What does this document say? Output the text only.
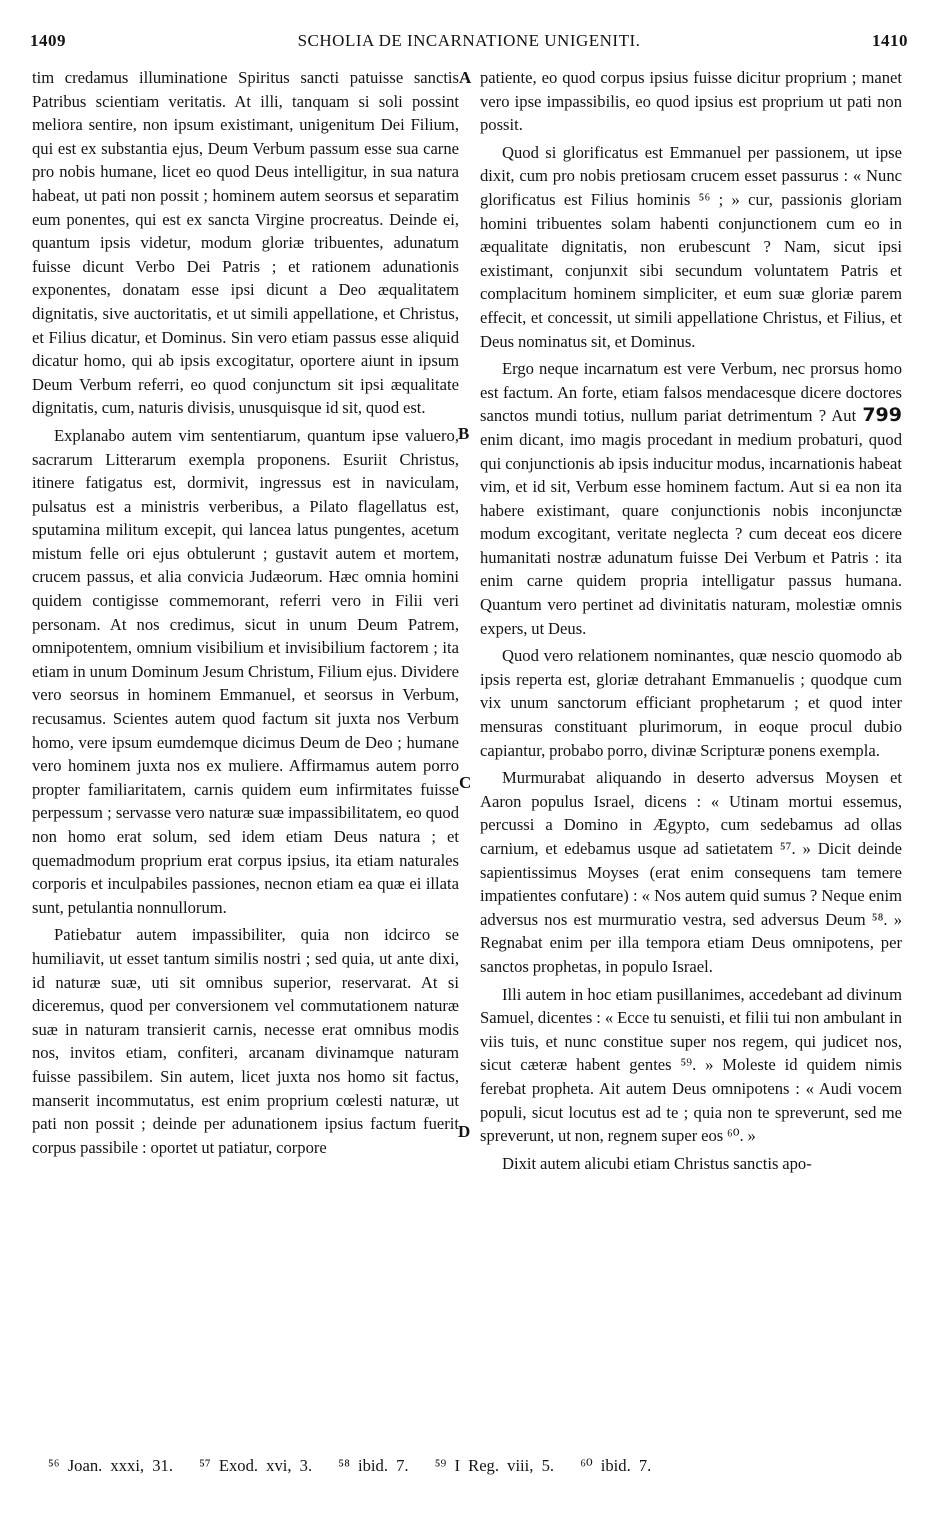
1409	SCHOLIA DE INCARNATIONE UNIGENITI.	1410

tim credamus illuminatione Spiritus sancti patuisse sanctis Patribus scientiam veritatis. At illi, tanquam si soli possint meliora sentire, non ipsum existimant, unigenitum Dei Filium, qui est ex substantia ejus, Deum Verbum passum esse sua carne pro nobis humane, licet eo quod Deus intelligitur, in sua natura habeat, ut pati non possit ; hominem autem seorsus et separatim eum ponentes, qui est ex sancta Virgine procreatus. Deinde ei, quantum ipsis videtur, modum gloriæ tribuentes, adunatum fuisse dicunt Verbo Dei Patris ; et rationem adunationis exponentes, donatam esse ipsi dicunt a Deo æqualitatem dignitatis, sive auctoritatis, et ut simili appellatione, et Christus, et Filius dicatur, et Dominus. Sin vero etiam passus esse aliquid dicatur homo, qui ab ipsis excogitatur, oportere aiunt in ipsum Deum Verbum referri, eo quod conjunctum sit ipsi æqualitate dignitatis, cum, naturis divisis, unusquisque id sit, quod est.

Explanabo autem vim sententiarum, quantum ipse valuero, sacrarum Litterarum exempla proponens. Esuriit Christus, itinere fatigatus est, dormivit, ingressus est in naviculam, pulsatus est a ministris verberibus, a Pilato flagellatus est, sputamina militum excepit, qui lancea latus pungentes, acetum mistum felle ori ejus obtulerunt ; gustavit autem et mortem, crucem passus, et alia convicia Judæorum. Hæc omnia homini quidem contigisse commemorant, referri vero in Filii veri personam. At nos credimus, sicut in unum Deum Patrem, omnipotentem, omnium visibilium et invisibilium factorem ; ita etiam in unum Dominum Jesum Christum, Filium ejus. Dividere vero seorsus in hominem Emmanuel, et seorsus in Verbum, recusamus. Scientes autem quod factum sit juxta nos Verbum homo, vere ipsum eumdemque dicimus Deum de Deo ; humane vero hominem juxta nos ex muliere. Affirmamus autem porro propter familiaritatem, carnis quidem eum infirmitates fuisse perpessum ; servasse vero naturæ suæ impassibilitatem, eo quod non homo erat solum, sed idem etiam Deus natura ; et quemadmodum proprium erat corpus ipsius, ita etiam naturales corporis et inculpabiles passiones, necnon etiam ea quæ ei illata sunt, petulantia nonnullorum.

Patiebatur autem impassibiliter, quia non idcirco se humiliavit, ut esset tantum similis nostri ; sed quia, ut ante dixi, id naturæ suæ, uti sit omnibus superior, reservarat. At si diceremus, quod per conversionem vel commutationem naturæ suæ in naturam transierit carnis, necesse erat omnibus modis nos, invitos etiam, confiteri, arcanam divinamque naturam fuisse passibilem. Sin autem, licet juxta nos homo sit factus, manserit incommutatus, est enim proprium cœlesti naturæ, ut pati non possit ; deinde per adunationem ipsius factum fuerit corpus passibile : oportet ut patiatur, corpore

A
B
C
D

patiente, eo quod corpus ipsius fuisse dicitur proprium ; manet vero ipse impassibilis, eo quod ipsius est proprium ut pati non possit.

Quod si glorificatus est Emmanuel per passionem, ut ipse dixit, cum pro nobis pretiosam crucem esset passurus : « Nunc glorificatus est Filius hominis ⁵⁶ ; » cur, passionis gloriam homini tribuentes solam habenti conjunctionem cum eo in æqualitate dignitatis, non erubescunt ? Nam, sicut ipsi existimant, conjunxit sibi secundum voluntatem Patris et complacitum hominem simpliciter, et eum suæ gloriæ parem effecit, et concessit, ut simili appellatione Christus, et Filius, et Deus nominatus sit, et Dominus.

Ergo neque incarnatum est vere Verbum, nec prorsus homo est factum. An forte, etiam falsos mendacesque dicere doctores sanctos mundi totius, nullum pariat detrimentum ? Aut 799 enim dicant, imo magis procedant in medium probaturi, quod qui conjunctionis ab ipsis inducitur modus, incarnationis habeat vim, et id sit, Verbum esse hominem factum. Aut si ea non ita habere existimant, quare conjunctionis nobis inconjunctæ modum excogitant, veritate neglecta ? cum deceat eos dicere humanitati nostræ adunatum fuisse Dei Verbum et Patris : ita enim carne quidem propria intelligatur passus humana. Quantum vero pertinet ad divinitatis naturam, molestiæ omnis expers, ut Deus.

Quod vero relationem nominantes, quæ nescio quomodo ab ipsis reperta est, gloriæ detrahant Emmanuelis ; quodque cum vix unum sanctorum efficiant prophetarum ; et quod inter mensuras constituant plurimorum, in eoque procul dubio capiantur, probabo porro, divinæ Scripturæ ponens exempla.

Murmurabat aliquando in deserto adversus Moysen et Aaron populus Israel, dicens : « Utinam mortui essemus, percussi a Domino in Ægypto, cum sedebamus ad ollas carnium, et edebamus usque ad satietatem ⁵⁷. » Dicit deinde sapientissimus Moyses (erat enim consequens tam temere impatientes confutare) : « Nos autem quid sumus ? Neque enim adversus nos est murmuratio vestra, sed adversus Deum ⁵⁸. » Regnabat enim per illa tempora etiam Deus omnipotens, per sanctos prophetas, in populo Israel.

Illi autem in hoc etiam pusillanimes, accedebant ad divinum Samuel, dicentes : « Ecce tu senuisti, et filii tui non ambulant in viis tuis, et nunc constitue super nos regem, qui judicet nos, sicut cæteræ habent gentes ⁵⁹. » Moleste id quidem nimis ferebat propheta. Ait autem Deus omnipotens : « Audi vocem populi, sicut locutus est ad te ; quia non te spreverunt, sed me spreverunt, ut non, regnem super eos ⁶⁰. »

Dixit autem alicubi etiam Christus sanctis apo-

⁵⁶ Joan. xxxi, 31. ⁵⁷ Exod. xvi, 3. ⁵⁸ ibid. 7. ⁵⁹ I Reg. viii, 5. ⁶⁰ ibid. 7.
